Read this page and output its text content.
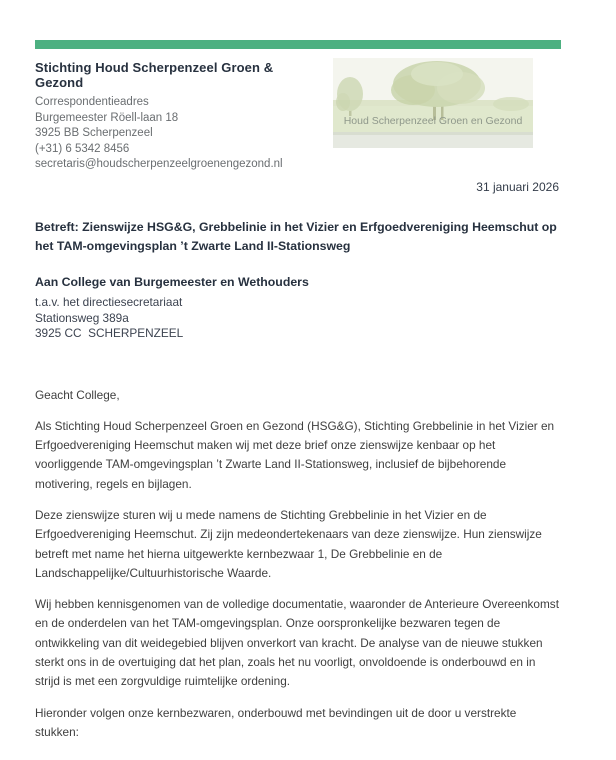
Stichting Houd Scherpenzeel Groen & Gezond

Correspondentieadres

Burgemeester Röell-laan 18

3925 BB Scherpenzeel

(+31) 6 5342 8456

secretaris@houdscherpenzeelgroenengezond.nl

Houd Scherpenzeel Groen en Gezond

31 januari 2026

Betreft: Zienswijze HSG&G, Grebbelinie in het Vizier en Erfgoedvereniging Heemschut op het TAM-omgevingsplan ’t Zwarte Land II-Stationsweg

Aan College van Burgemeester en Wethouders

t.a.v. het directiesecretariaat

Stationsweg 389a

3925 CC  SCHERPENZEEL

Geacht College,

Als Stichting Houd Scherpenzeel Groen en Gezond (HSG&G), Stichting Grebbelinie in het Vizier en Erfgoedvereniging Heemschut maken wij met deze brief onze zienswijze kenbaar op het voorliggende TAM-omgevingsplan ’t Zwarte Land II-Stationsweg, inclusief de bijbehorende motivering, regels en bijlagen.

Deze zienswijze sturen wij u mede namens de Stichting Grebbelinie in het Vizier en de Erfgoedvereniging Heemschut. Zij zijn medeondertekenaars van deze zienswijze. Hun zienswijze betreft met name het hierna uitgewerkte kernbezwaar 1, De Grebbelinie en de Landschappelijke/Cultuurhistorische Waarde.

Wij hebben kennisgenomen van de volledige documentatie, waaronder de Anterieure Overeenkomst en de onderdelen van het TAM-omgevingsplan. Onze oorspronkelijke bezwaren tegen de ontwikkeling van dit weidegebied blijven onverkort van kracht. De analyse van de nieuwe stukken sterkt ons in de overtuiging dat het plan, zoals het nu voorligt, onvoldoende is onderbouwd en in strijd is met een zorgvuldige ruimtelijke ordening.

Hieronder volgen onze kernbezwaren, onderbouwd met bevindingen uit de door u verstrekte stukken:
